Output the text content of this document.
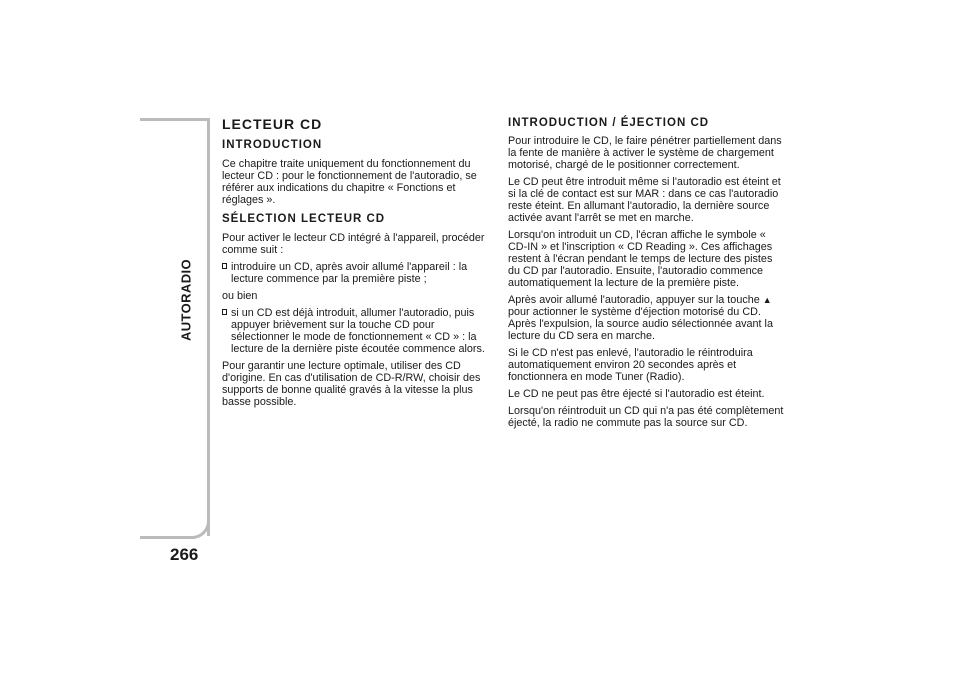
AUTORADIO
266
LECTEUR CD
INTRODUCTION

Ce chapitre traite uniquement du fonctionnement du lecteur CD : pour le fonctionnement de l'autoradio, se référer aux indications du chapitre « Fonctions et réglages ».

SÉLECTION LECTEUR CD

Pour activer le lecteur CD intégré à l'appareil, procéder comme suit :

introduire un CD, après avoir allumé l'appareil : la lecture commence par la première piste ;

ou bien

si un CD est déjà introduit, allumer l'autoradio, puis appuyer brièvement sur la touche CD pour sélectionner le mode de fonctionnement « CD » : la lecture de la dernière piste écoutée commence alors.

Pour garantir une lecture optimale, utiliser des CD d'origine. En cas d'utilisation de CD-R/RW, choisir des supports de bonne qualité gravés à la vitesse la plus basse possible.

INTRODUCTION / ÉJECTION CD

Pour introduire le CD, le faire pénétrer partiellement dans la fente de manière à activer le système de chargement motorisé, chargé de le positionner correctement.

Le CD peut être introduit même si l'autoradio est éteint et si la clé de contact est sur MAR : dans ce cas l'autoradio reste éteint. En allumant l'autoradio, la dernière source activée avant l'arrêt se met en marche.

Lorsqu'on introduit un CD, l'écran affiche le symbole « CD-IN » et l'inscription « CD Reading ». Ces affichages restent à l'écran pendant le temps de lecture des pistes du CD par l'autoradio. Ensuite, l'autoradio commence automatiquement la lecture de la première piste.

Après avoir allumé l'autoradio, appuyer sur la touche ▲ pour actionner le système d'éjection motorisé du CD. Après l'expulsion, la source audio sélectionnée avant la lecture du CD sera en marche.

Si le CD n'est pas enlevé, l'autoradio le réintroduira automatiquement environ 20 secondes après et fonctionnera en mode Tuner (Radio).

Le CD ne peut pas être éjecté si l'autoradio est éteint.

Lorsqu'on réintroduit un CD qui n'a pas été complètement éjecté, la radio ne commute pas la source sur CD.
